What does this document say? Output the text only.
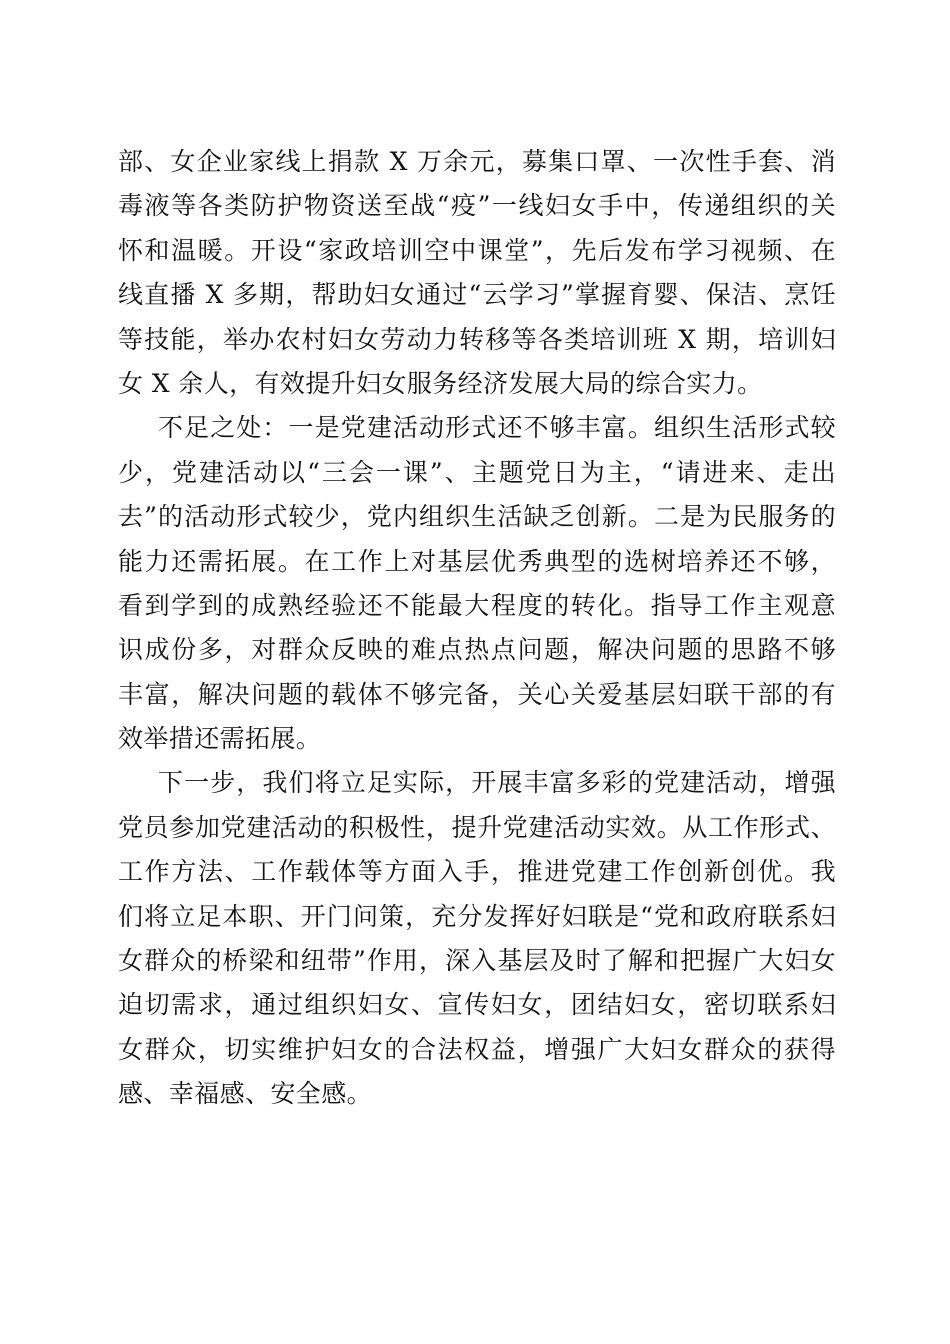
部、女企业家线上捐款 X 万余元，募集口罩、一次性手套、消
毒液等各类防护物资送至战“疫”一线妇女手中，传递组织的关
怀和温暖。开设“家政培训空中课堂”，先后发布学习视频、在
线直播 X 多期，帮助妇女通过“云学习”掌握育婴、保洁、烹饪
等技能，举办农村妇女劳动力转移等各类培训班 X 期，培训妇
女 X 余人，有效提升妇女服务经济发展大局的综合实力。
不足之处：一是党建活动形式还不够丰富。组织生活形式较
少，党建活动以“三会一课”、主题党日为主，“请进来、走出
去”的活动形式较少，党内组织生活缺乏创新。二是为民服务的
能力还需拓展。在工作上对基层优秀典型的选树培养还不够，
看到学到的成熟经验还不能最大程度的转化。指导工作主观意
识成份多，对群众反映的难点热点问题，解决问题的思路不够
丰富，解决问题的载体不够完备，关心关爱基层妇联干部的有
效举措还需拓展。
下一步，我们将立足实际，开展丰富多彩的党建活动，增强
党员参加党建活动的积极性，提升党建活动实效。从工作形式、
工作方法、工作载体等方面入手，推进党建工作创新创优。我
们将立足本职、开门问策，充分发挥好妇联是“党和政府联系妇
女群众的桥梁和纽带”作用，深入基层及时了解和把握广大妇女
迫切需求，通过组织妇女、宣传妇女，团结妇女，密切联系妇
女群众，切实维护妇女的合法权益，增强广大妇女群众的获得
感、幸福感、安全感。
